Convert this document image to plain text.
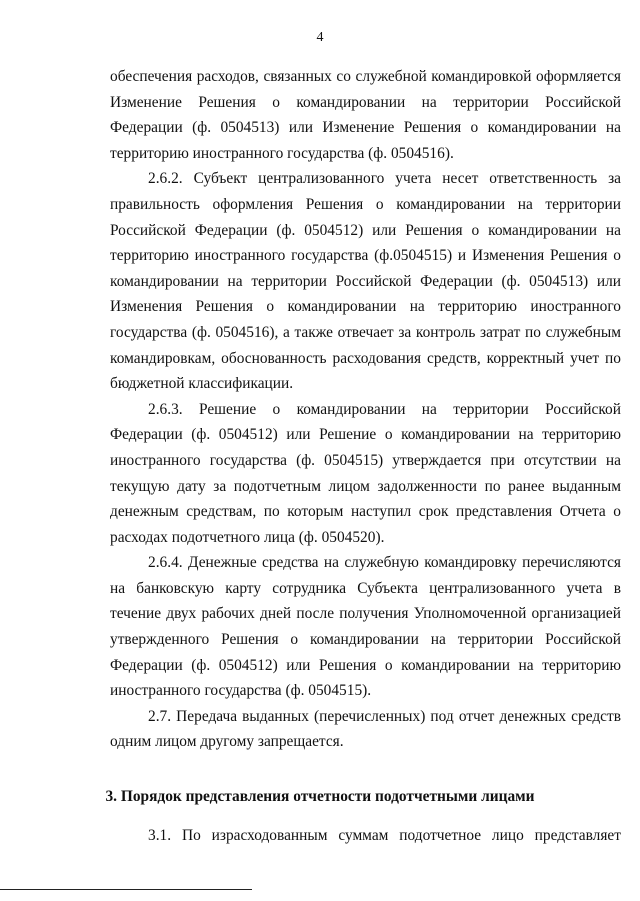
4

обеспечения расходов, связанных со служебной командировкой оформляется Изменение Решения о командировании на территории Российской Федерации (ф. 0504513) или Изменение Решения о командировании на территорию иностранного государства (ф. 0504516).

2.6.2. Субъект централизованного учета несет ответственность за правильность оформления Решения о командировании на территории Российской Федерации (ф. 0504512) или Решения о командировании на территорию иностранного государства (ф.0504515) и Изменения Решения о командировании на территории Российской Федерации (ф. 0504513) или Изменения Решения о командировании на территорию иностранного государства (ф. 0504516), а также отвечает за контроль затрат по служебным командировкам, обоснованность расходования средств, корректный учет по бюджетной классификации.

2.6.3. Решение о командировании на территории Российской Федерации (ф. 0504512) или Решение о командировании на территорию иностранного государства (ф. 0504515) утверждается при отсутствии на текущую дату за подотчетным лицом задолженности по ранее выданным денежным средствам, по которым наступил срок представления Отчета о расходах подотчетного лица (ф. 0504520).

2.6.4. Денежные средства на служебную командировку перечисляются на банковскую карту сотрудника Субъекта централизованного учета в течение двух рабочих дней после получения Уполномоченной организацией утвержденного Решения о командировании на территории Российской Федерации (ф. 0504512) или Решения о командировании на территорию иностранного государства (ф. 0504515).

2.7. Передача выданных (перечисленных) под отчет денежных средств одним лицом другому запрещается.

3. Порядок представления отчетности подотчетными лицами
3.1. По израсходованным суммам подотчетное лицо представляет
